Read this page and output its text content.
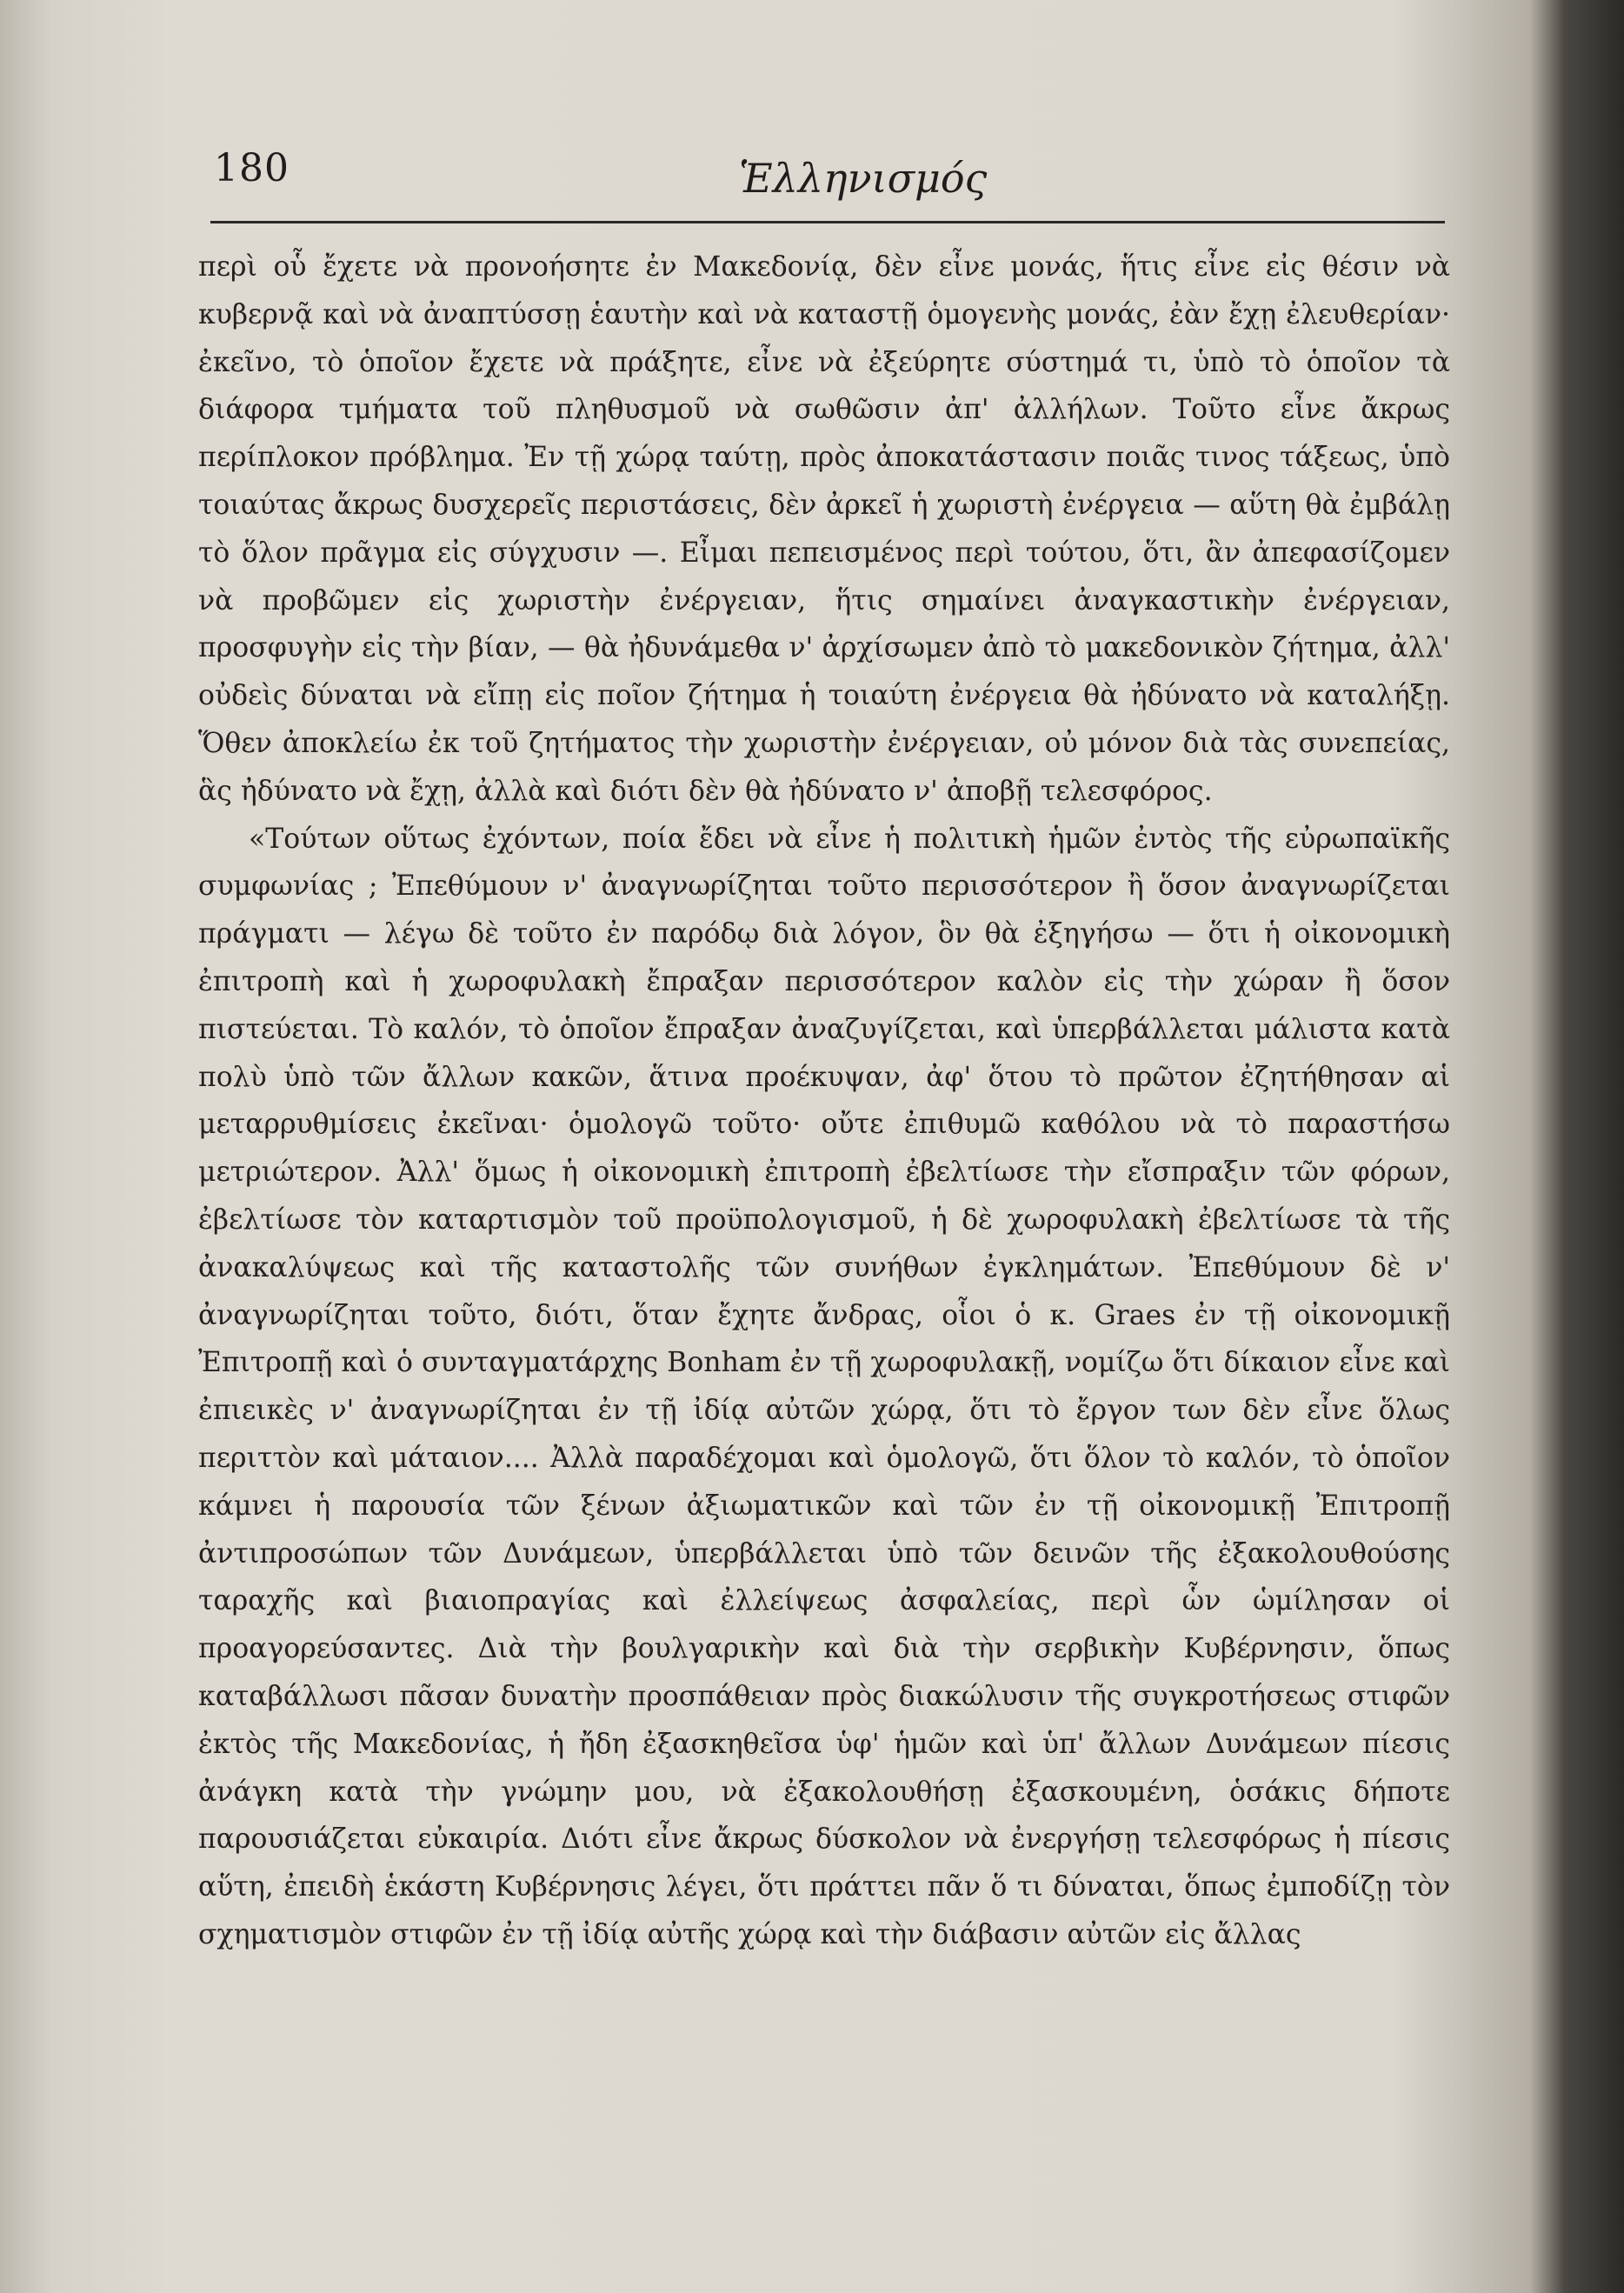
180	Ἑλληνισμός

περὶ οὗ ἔχετε νὰ προνοήσητε ἐν Μακεδονίᾳ, δὲν εἶνε μονάς, ἥτις εἶνε εἰς θέσιν νὰ κυβερνᾷ καὶ νὰ ἀναπτύσσῃ ἑαυτὴν καὶ νὰ καταστῇ ὁμογενὴς μονάς, ἐὰν ἔχῃ ἐλευθερίαν· ἐκεῖνο, τὸ ὁποῖον ἔχετε νὰ πράξητε, εἶνε νὰ ἐξεύρητε σύστημά τι, ὑπὸ τὸ ὁποῖον τὰ διάφορα τμήματα τοῦ πληθυσμοῦ νὰ σωθῶσιν ἀπ' ἀλλήλων. Τοῦτο εἶνε ἄκρως περίπλοκον πρόβλημα. Ἐν τῇ χώρᾳ ταύτῃ, πρὸς ἀποκατάστασιν ποιᾶς τινος τάξεως, ὑπὸ τοιαύτας ἄκρως δυσχερεῖς περιστάσεις, δὲν ἀρκεῖ ἡ χωριστὴ ἐνέργεια — αὕτη θὰ ἐμβάλῃ τὸ ὅλον πρᾶγμα εἰς σύγχυσιν —. Εἶμαι πεπεισμένος περὶ τούτου, ὅτι, ἂν ἀπεφασίζομεν νὰ προβῶμεν εἰς χωριστὴν ἐνέργειαν, ἥτις σημαίνει ἀναγκαστικὴν ἐνέργειαν, προσφυγὴν εἰς τὴν βίαν, — θὰ ἠδυνάμεθα ν' ἀρχίσωμεν ἀπὸ τὸ μακεδονικὸν ζήτημα, ἀλλ' οὐδεὶς δύναται νὰ εἴπῃ εἰς ποῖον ζήτημα ἡ τοιαύτη ἐνέργεια θὰ ἠδύνατο νὰ καταλήξῃ. Ὅθεν ἀποκλείω ἐκ τοῦ ζητήματος τὴν χωριστὴν ἐνέργειαν, οὐ μόνον διὰ τὰς συνεπείας, ἃς ἠδύνατο νὰ ἔχῃ, ἀλλὰ καὶ διότι δὲν θὰ ἠδύνατο ν' ἀποβῇ τελεσφόρος.

«Τούτων οὕτως ἐχόντων, ποία ἔδει νὰ εἶνε ἡ πολιτικὴ ἡμῶν ἐντὸς τῆς εὐρωπαϊκῆς συμφωνίας ; Ἐπεθύμουν ν' ἀναγνωρίζηται τοῦτο περισσότερον ἢ ὅσον ἀναγνωρίζεται πράγματι — λέγω δὲ τοῦτο ἐν παρόδῳ διὰ λόγον, ὃν θὰ ἐξηγήσω — ὅτι ἡ οἰκονομικὴ ἐπιτροπὴ καὶ ἡ χωροφυλακὴ ἔπραξαν περισσότερον καλὸν εἰς τὴν χώραν ἢ ὅσον πιστεύεται. Τὸ καλόν, τὸ ὁποῖον ἔπραξαν ἀναζυγίζεται, καὶ ὑπερβάλλεται μάλιστα κατὰ πολὺ ὑπὸ τῶν ἄλλων κακῶν, ἅτινα προέκυψαν, ἀφ' ὅτου τὸ πρῶτον ἐζητήθησαν αἱ μεταρρυθμίσεις ἐκεῖναι· ὁμολογῶ τοῦτο· οὔτε ἐπιθυμῶ καθόλου νὰ τὸ παραστήσω μετριώτερον. Ἀλλ' ὅμως ἡ οἰκονομικὴ ἐπιτροπὴ ἐβελτίωσε τὴν εἴσπραξιν τῶν φόρων, ἐβελτίωσε τὸν καταρτισμὸν τοῦ προϋπολογισμοῦ, ἡ δὲ χωροφυλακὴ ἐβελτίωσε τὰ τῆς ἀνακαλύψεως καὶ τῆς καταστολῆς τῶν συνήθων ἐγκλημάτων. Ἐπεθύμουν δὲ ν' ἀναγνωρίζηται τοῦτο, διότι, ὅταν ἔχητε ἄνδρας, οἷοι ὁ κ. Graes ἐν τῇ οἰκονομικῇ Ἐπιτροπῇ καὶ ὁ συνταγματάρχης Bonham ἐν τῇ χωροφυλακῇ, νομίζω ὅτι δίκαιον εἶνε καὶ ἐπιεικὲς ν' ἀναγνωρίζηται ἐν τῇ ἰδίᾳ αὐτῶν χώρᾳ, ὅτι τὸ ἔργον των δὲν εἶνε ὅλως περιττὸν καὶ μάταιον.... Ἀλλὰ παραδέχομαι καὶ ὁμολογῶ, ὅτι ὅλον τὸ καλόν, τὸ ὁποῖον κάμνει ἡ παρουσία τῶν ξένων ἀξιωματικῶν καὶ τῶν ἐν τῇ οἰκονομικῇ Ἐπιτροπῇ ἀντιπροσώπων τῶν Δυνάμεων, ὑπερβάλλεται ὑπὸ τῶν δεινῶν τῆς ἐξακολουθούσης ταραχῆς καὶ βιαιοπραγίας καὶ ἐλλείψεως ἀσφαλείας, περὶ ὧν ὡμίλησαν οἱ προαγορεύσαντες. Διὰ τὴν βουλγαρικὴν καὶ διὰ τὴν σερβικὴν Κυβέρνησιν, ὅπως καταβάλλωσι πᾶσαν δυνατὴν προσπάθειαν πρὸς διακώλυσιν τῆς συγκροτήσεως στιφῶν ἐκτὸς τῆς Μακεδονίας, ἡ ἤδη ἐξασκηθεῖσα ὑφ' ἡμῶν καὶ ὑπ' ἄλλων Δυνάμεων πίεσις ἀνάγκη κατὰ τὴν γνώμην μου, νὰ ἐξακολουθήσῃ ἐξασκουμένη, ὁσάκις δήποτε παρουσιάζεται εὐκαιρία. Διότι εἶνε ἄκρως δύσκολον νὰ ἐνεργήσῃ τελεσφόρως ἡ πίεσις αὕτη, ἐπειδὴ ἑκάστη Κυβέρνησις λέγει, ὅτι πράττει πᾶν ὅ τι δύναται, ὅπως ἐμποδίζῃ τὸν σχηματισμὸν στιφῶν ἐν τῇ ἰδίᾳ αὐτῆς χώρᾳ καὶ τὴν διάβασιν αὐτῶν εἰς ἄλλας
